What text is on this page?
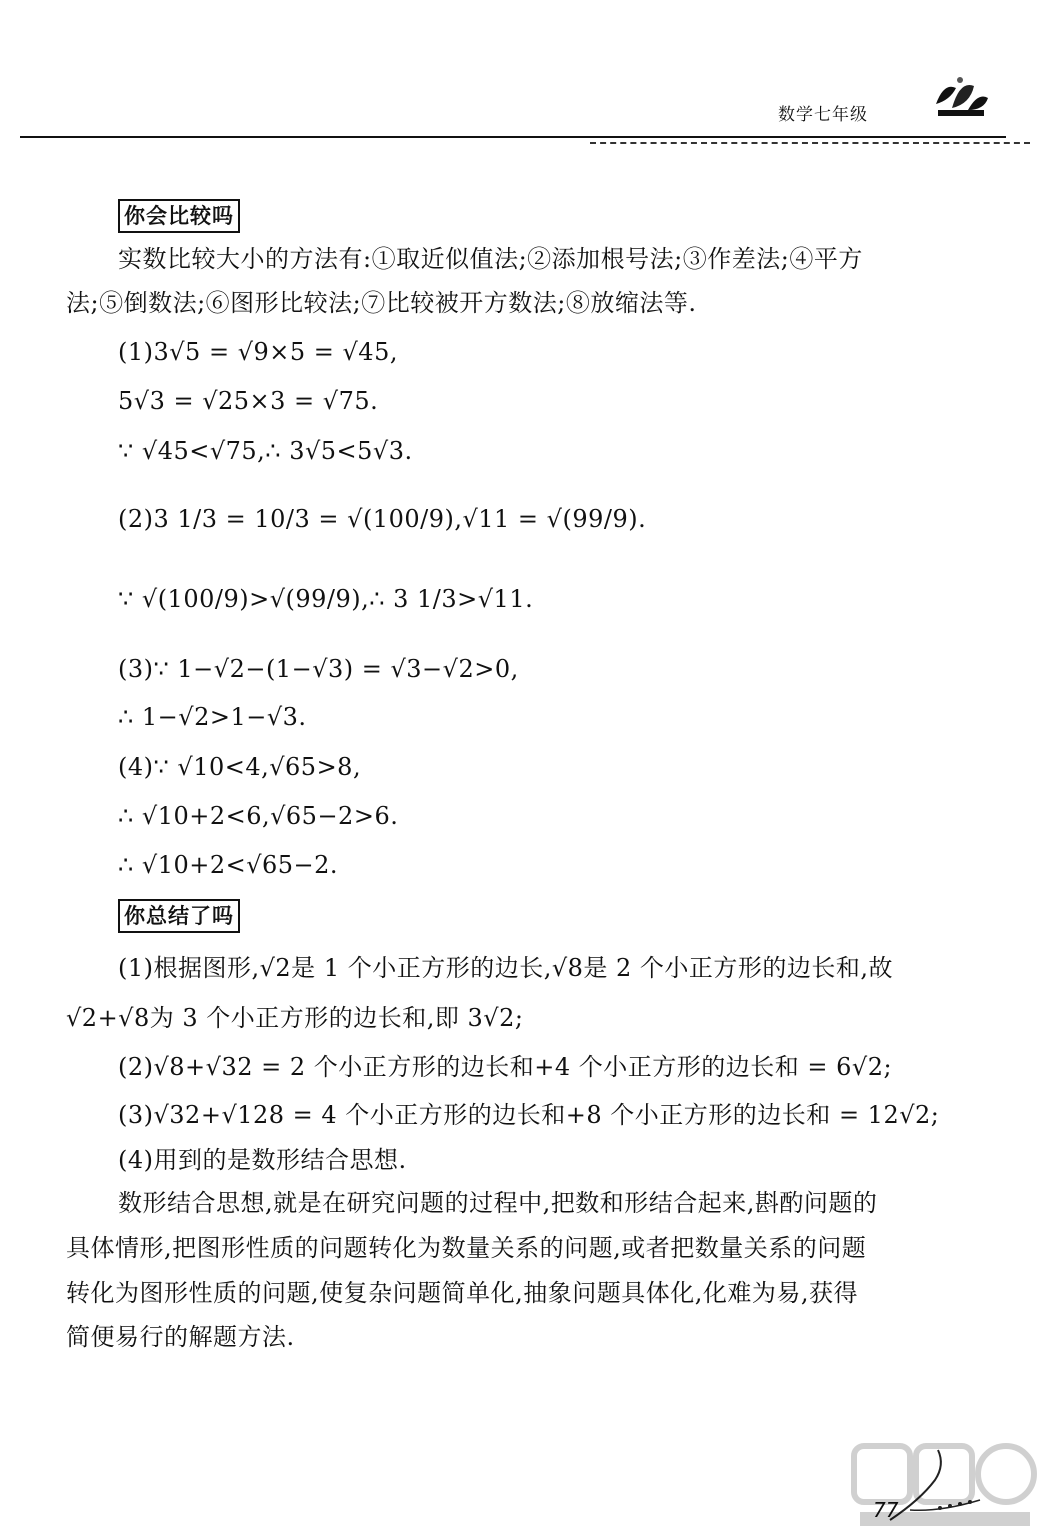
数学七年级
你会比较吗
实数比较大小的方法有:①取近似值法;②添加根号法;③作差法;④平方
法;⑤倒数法;⑥图形比较法;⑦比较被开方数法;⑧放缩法等.
(1)3√5 = √9×5 = √45,
5√3 = √25×3 = √75.
∵ √45<√75,∴ 3√5<5√3.
(2)3 1/3 = 10/3 = √(100/9),√11 = √(99/9).
∵ √(100/9)>√(99/9),∴ 3 1/3>√11.
(3)∵ 1−√2−(1−√3) = √3−√2>0,
∴ 1−√2>1−√3.
(4)∵ √10<4,√65>8,
∴ √10+2<6,√65−2>6.
∴ √10+2<√65−2.
你总结了吗
(1)根据图形,√2是 1 个小正方形的边长,√8是 2 个小正方形的边长和,故
√2+√8为 3 个小正方形的边长和,即 3√2;
(2)√8+√32 = 2 个小正方形的边长和+4 个小正方形的边长和 = 6√2;
(3)√32+√128 = 4 个小正方形的边长和+8 个小正方形的边长和 = 12√2;
(4)用到的是数形结合思想.
数形结合思想,就是在研究问题的过程中,把数和形结合起来,斟酌问题的
具体情形,把图形性质的问题转化为数量关系的问题,或者把数量关系的问题
转化为图形性质的问题,使复杂问题简单化,抽象问题具体化,化难为易,获得
简便易行的解题方法.
77
